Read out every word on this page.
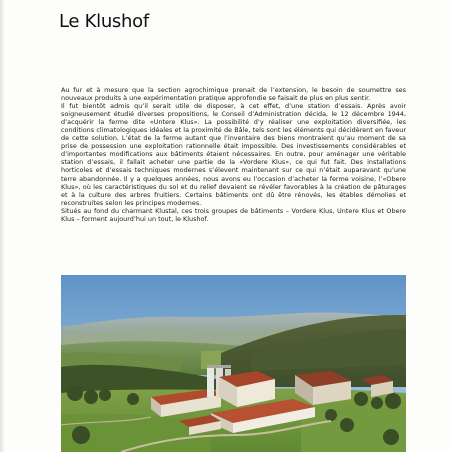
Le Klushof

Au fur et à mesure que la section agrochimique prenait de l’extension, le besoin de soumettre ses nouveaux produits à une expérimentation pratique approfondie se faisait de plus en plus sentir.

Il fut bientôt admis qu’il serait utile de disposer, à cet effet, d’une station d’essais. Après avoir soigneusement étudié diverses propositions, le Conseil d’Administration décida, le 12 décembre 1944, d’acquérir la ferme dite «Untere Klus». La possibilité d’y réaliser une exploitation diversifiée, les conditions climatologiques idéales et la proximité de Bâle, tels sont les éléments qui décidèrent en faveur de cette solution. L’état de la ferme autant que l’inventaire des biens montraient qu’au moment de sa prise de possession une exploitation rationnelle était impossible. Des investissements considérables et d’importantes modifications aux bâtiments étaient nécessaires. En outre, pour aménager une véritable station d’essais, il fallait acheter une partie de la «Vordere Klus», ce qui fut fait. Des installations horticoles et d’essais techniques modernes s’élevent maintenant sur ce qui n’était auparavant qu’une terre abandonnée. Il y a quelques années, nous avons eu l’occasion d’acheter la ferme voisine, l’«Obere Klus», où les caractéristiques du sol et du relief devaient se révéler favorables à la création de pâturages et à la culture des arbres fruitiers. Certains bâtiments ont dû être rénovés, les étables démolies et reconstruites selon les principes modernes.

Situés au fond du charmant Klustal, ces trois groupes de bâtiments – Vordere Klus, Untere Klus et Obere Klus – forment aujourd’hui un tout, le Klushof.
